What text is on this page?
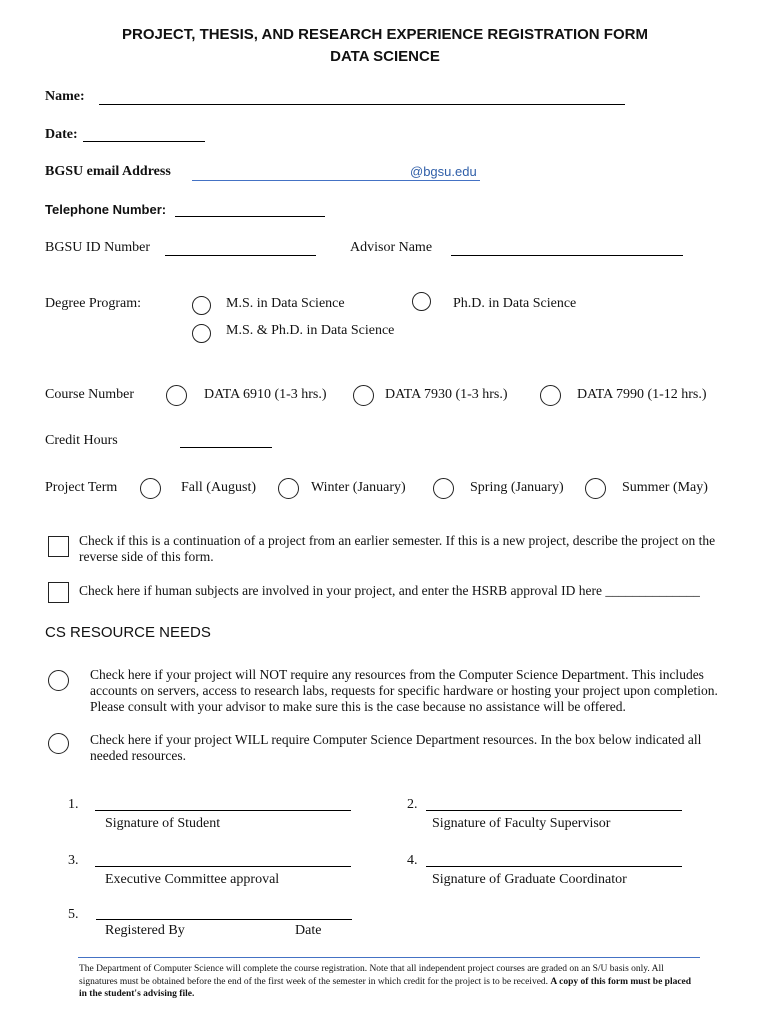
PROJECT, THESIS, AND RESEARCH EXPERIENCE REGISTRATION FORM
DATA SCIENCE
Name:
Date:
BGSU email Address	@bgsu.edu
Telephone Number:
BGSU ID Number	Advisor Name
Degree Program:	M.S. in Data Science	Ph.D. in Data Science
M.S. & Ph.D. in Data Science
Course Number	DATA 6910 (1-3 hrs.)	DATA 7930 (1-3 hrs.)	DATA 7990 (1-12 hrs.)
Credit Hours
Project Term	Fall (August)	Winter (January)	Spring (January)	Summer (May)
Check if this is a continuation of a project from an earlier semester. If this is a new project, describe the project on the reverse side of this form.
Check here if human subjects are involved in your project, and enter the HSRB approval ID here ______________
CS RESOURCE NEEDS
Check here if your project will NOT require any resources from the Computer Science Department. This includes accounts on servers, access to research labs, requests for specific hardware or hosting your project upon completion. Please consult with your advisor to make sure this is the case because no assistance will be offered.
Check here if your project WILL require Computer Science Department resources. In the box below indicated all needed resources.
1.
Signature of Student
2.
Signature of Faculty Supervisor
3.
Executive Committee approval
4.
Signature of Graduate Coordinator
5.
Registered By	Date
The Department of Computer Science will complete the course registration. Note that all independent project courses are graded on an S/U basis only. All signatures must be obtained before the end of the first week of the semester in which credit for the project is to be received. A copy of this form must be placed in the student's advising file.
